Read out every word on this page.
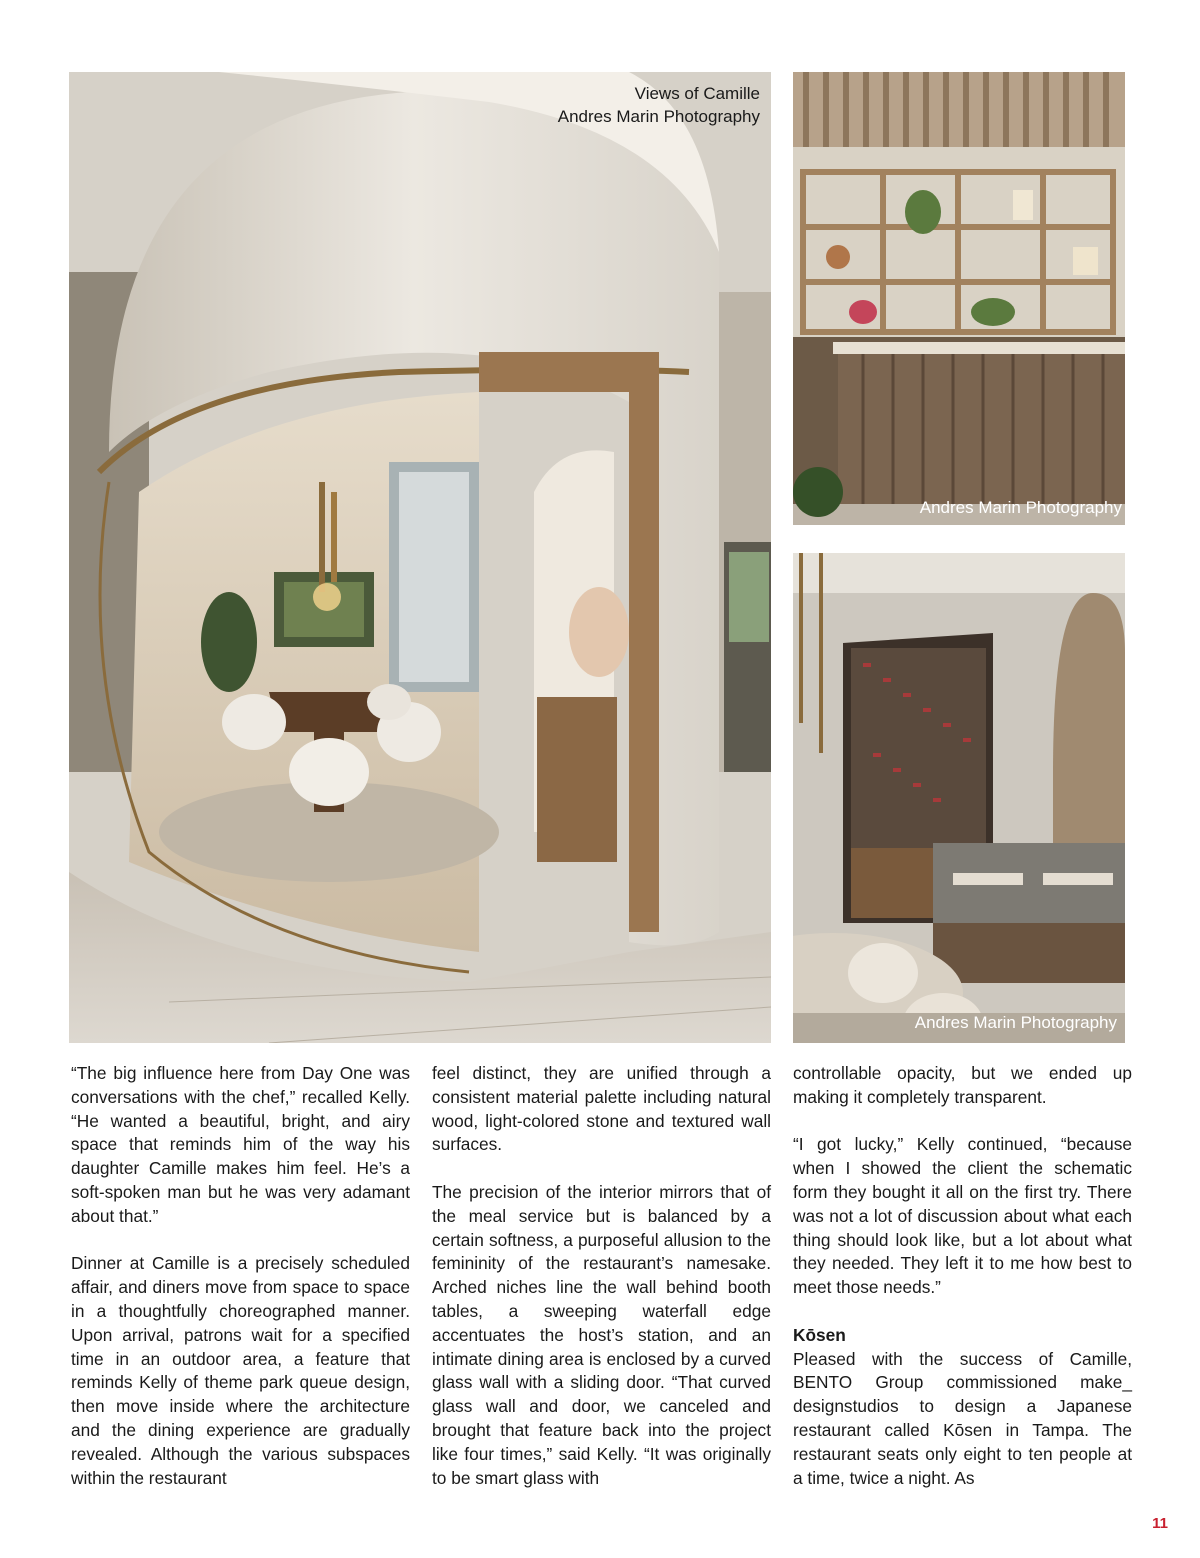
Views of Camille
Andres Marin Photography
Andres Marin Photography
Andres Marin Photography

“The big influence here from Day One was conversations with the chef,” recalled Kelly. “He wanted a beautiful, bright, and airy space that reminds him of the way his daughter Camille makes him feel. He’s a soft-spoken man but he was very adamant about that.”

Dinner at Camille is a precisely scheduled affair, and diners move from space to space in a thoughtfully choreographed manner. Upon arrival, patrons wait for a specified time in an outdoor area, a feature that reminds Kelly of theme park queue design, then move inside where the architecture and the dining experience are gradually revealed. Although the various subspaces within the restaurant

feel distinct, they are unified through a consistent material palette including natural wood, light-colored stone and textured wall surfaces.

The precision of the interior mirrors that of the meal service but is balanced by a certain softness, a purposeful allusion to the femininity of the restaurant’s namesake. Arched niches line the wall behind booth tables, a sweeping waterfall edge accentuates the host’s station, and an intimate dining area is enclosed by a curved glass wall with a sliding door. “That curved glass wall and door, we canceled and brought that feature back into the project like four times,” said Kelly. “It was originally to be smart glass with

controllable opacity, but we ended up making it completely transparent.

“I got lucky,” Kelly continued, “because when I showed the client the schematic form they bought it all on the first try. There was not a lot of discussion about what each thing should look like, but a lot about what they needed. They left it to me how best to meet those needs.”

Kōsen

Pleased with the success of Camille, BENTO Group commissioned make_ designstudios to design a Japanese restaurant called Kōsen in Tampa. The restaurant seats only eight to ten people at a time, twice a night. As

11
